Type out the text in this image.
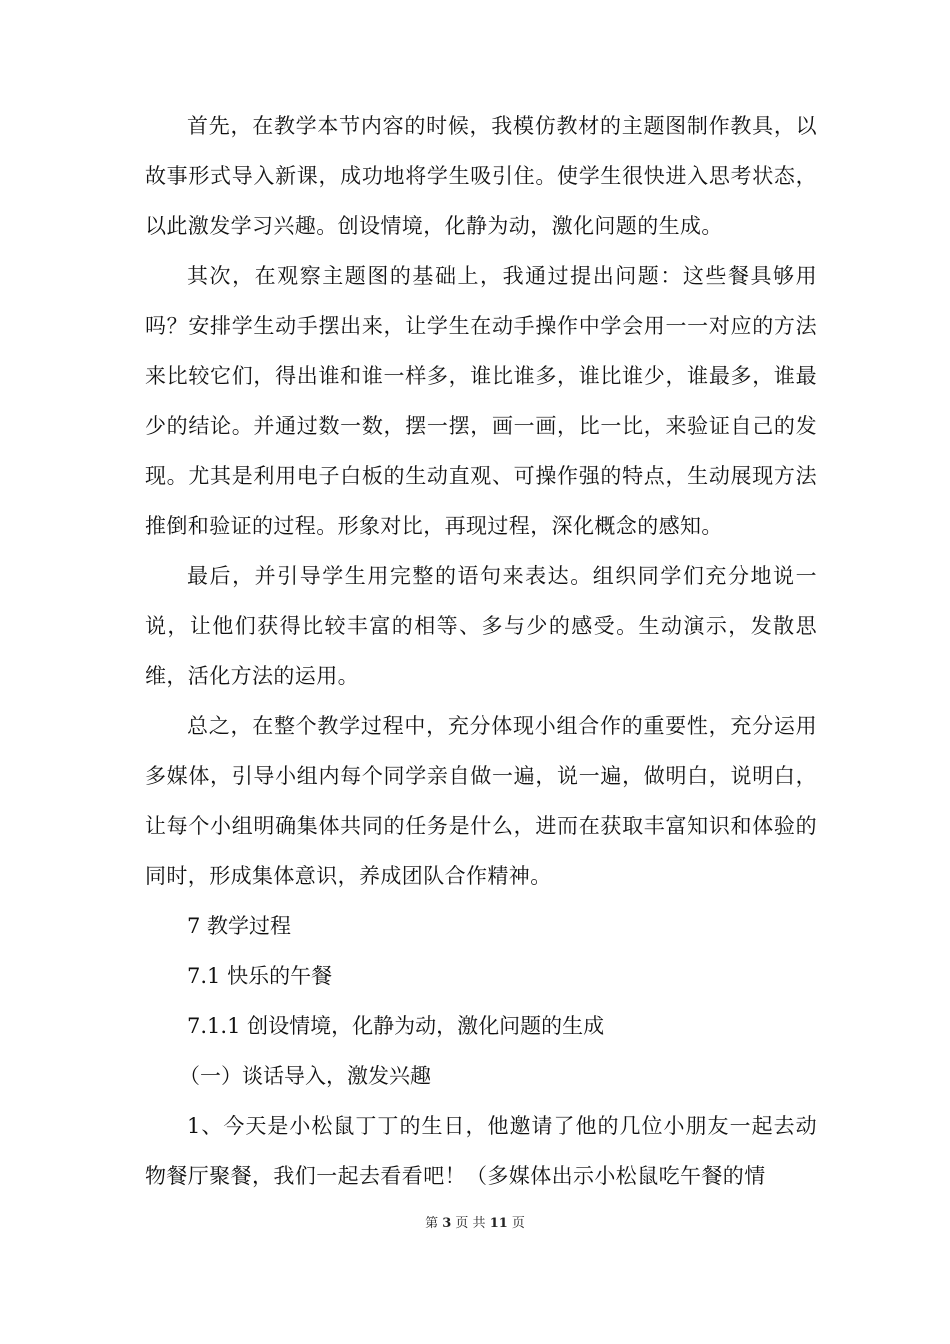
首先，在教学本节内容的时候，我模仿教材的主题图制作教具，以故事形式导入新课，成功地将学生吸引住。使学生很快进入思考状态，以此激发学习兴趣。创设情境，化静为动，激化问题的生成。

其次，在观察主题图的基础上，我通过提出问题：这些餐具够用吗？安排学生动手摆出来，让学生在动手操作中学会用一一对应的方法来比较它们，得出谁和谁一样多，谁比谁多，谁比谁少，谁最多，谁最少的结论。并通过数一数，摆一摆，画一画，比一比，来验证自己的发现。尤其是利用电子白板的生动直观、可操作强的特点，生动展现方法推倒和验证的过程。形象对比，再现过程，深化概念的感知。

最后，并引导学生用完整的语句来表达。组织同学们充分地说一说，让他们获得比较丰富的相等、多与少的感受。生动演示，发散思维，活化方法的运用。

总之，在整个教学过程中，充分体现小组合作的重要性，充分运用多媒体，引导小组内每个同学亲自做一遍，说一遍，做明白，说明白，让每个小组明确集体共同的任务是什么，进而在获取丰富知识和体验的同时，形成集体意识，养成团队合作精神。

7 教学过程

7.1 快乐的午餐

7.1.1 创设情境，化静为动，激化问题的生成

（一）谈话导入，激发兴趣

1、今天是小松鼠丁丁的生日，他邀请了他的几位小朋友一起去动物餐厅聚餐，我们一起去看看吧！（多媒体出示小松鼠吃午餐的情

第 3 页 共 11 页
